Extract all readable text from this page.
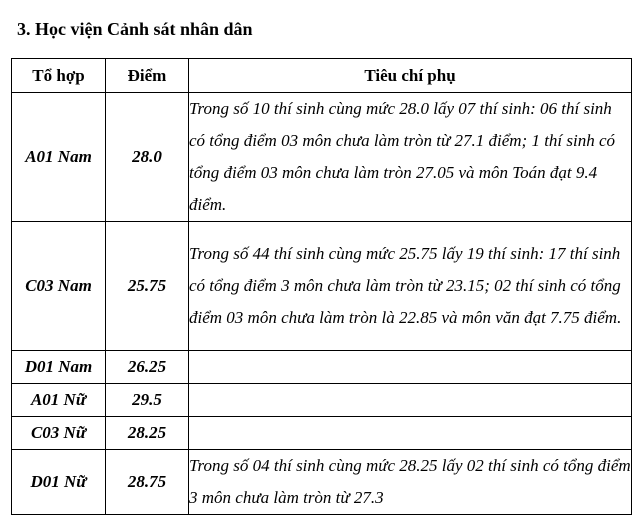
3. Học viện Cảnh sát nhân dân
Tổ hợp	Điểm	Tiêu chí phụ
A01 Nam	28.0	Trong số 10 thí sinh cùng mức 28.0 lấy 07 thí sinh: 06 thí sinh có tổng điểm 03 môn chưa làm tròn từ 27.1 điểm; 1 thí sinh có tổng điểm 03 môn chưa làm tròn 27.05 và môn Toán đạt 9.4 điểm.
C03 Nam	25.75	Trong số 44 thí sinh cùng mức 25.75 lấy 19 thí sinh: 17 thí sinh có tổng điểm 3 môn chưa làm tròn từ 23.15; 02 thí sinh có tổng điểm 03 môn chưa làm tròn là 22.85 và môn văn đạt 7.75 điểm.
D01 Nam	26.25	
A01 Nữ	29.5	
C03 Nữ	28.25	
D01 Nữ	28.75	Trong số 04 thí sinh cùng mức 28.25 lấy 02 thí sinh có tổng điểm 3 môn chưa làm tròn từ 27.3
